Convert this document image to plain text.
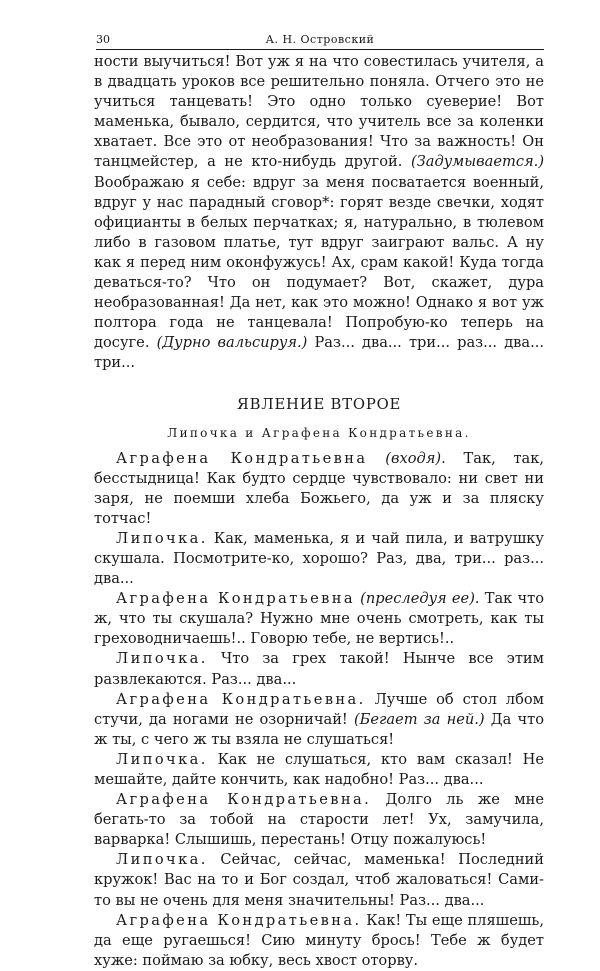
30	А. Н. Островский

ности выучиться! Вот уж я на что совестилась учителя, а в двадцать уроков все решительно поняла. Отчего это не учиться танцевать! Это одно только суеверие! Вот маменька, бывало, сердится, что учитель все за коленки хватает. Все это от необразования! Что за важность! Он танцмейстер, а не кто-нибудь другой. (Задумывается.) Воображаю я себе: вдруг за меня посватается военный, вдруг у нас парадный сговор*: горят везде свечки, ходят официанты в белых перчатках; я, натурально, в тюлевом либо в газовом платье, тут вдруг заиграют вальс. А ну как я перед ним оконфужусь! Ах, срам какой! Куда тогда деваться-то? Что он подумает? Вот, скажет, дура необразованная! Да нет, как это можно! Однако я вот уж полтора года не танцевала! Попробую-ко теперь на досуге. (Дурно вальсируя.) Раз... два... три... раз... два... три...

ЯВЛЕНИЕ ВТОРОЕ

Липочка и Аграфена Кондратьевна.

Аграфена Кондратьевна (входя). Так, так, бесстыдница! Как будто сердце чувствовало: ни свет ни заря, не поемши хлеба Божьего, да уж и за пляску тотчас!

Липочка. Как, маменька, я и чай пила, и ватрушку скушала. Посмотрите-ко, хорошо? Раз, два, три... раз... два...

Аграфена Кондратьевна (преследуя ее). Так что ж, что ты скушала? Нужно мне очень смотреть, как ты греховодничаешь!.. Говорю тебе, не вертись!..

Липочка. Что за грех такой! Нынче все этим развлекаются. Раз... два...

Аграфена Кондратьевна. Лучше об стол лбом стучи, да ногами не озорничай! (Бегает за ней.) Да что ж ты, с чего ж ты взяла не слушаться!

Липочка. Как не слушаться, кто вам сказал! Не мешайте, дайте кончить, как надобно! Раз... два...

Аграфена Кондратьевна. Долго ль же мне бегать-то за тобой на старости лет! Ух, замучила, варварка! Слышишь, перестань! Отцу пожалуюсь!

Липочка. Сейчас, сейчас, маменька! Последний кружок! Вас на то и Бог создал, чтоб жаловаться! Сами-то вы не очень для меня значительны! Раз... два...

Аграфена Кондратьевна. Как! Ты еще пляшешь, да еще ругаешься! Сию минуту брось! Тебе ж будет хуже: поймаю за юбку, весь хвост оторву.
